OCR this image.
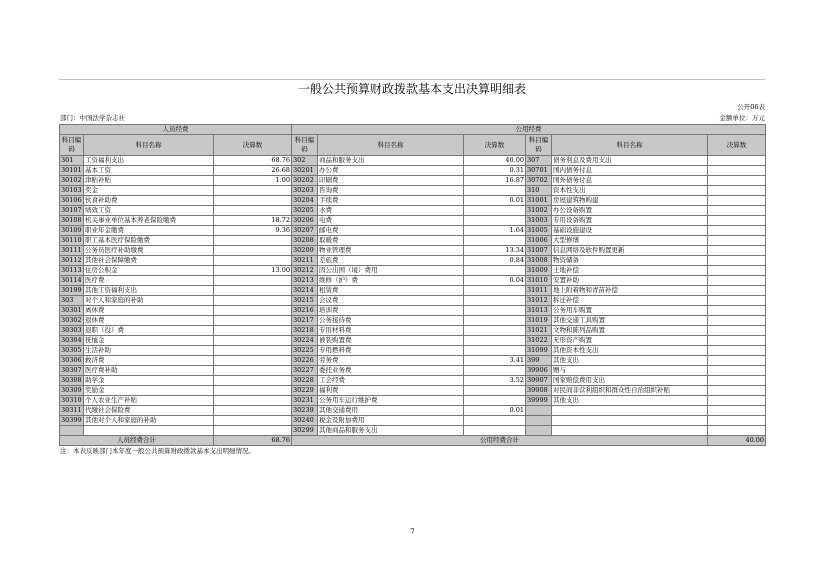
一般公共预算财政拨款基本支出决算明细表
公开06表
部门：中国法学杂志社	金额单位：万元
人员经费			公用经费					
科目编码	科目名称	决算数	科目编码	科目名称	决算数	科目编码	科目名称	决算数
301	工资福利支出	68.76	302	商品和服务支出	40.00	307	债务利息及费用支出	
30101	基本工资	26.68	30201	办公费	0.31	30701	国内债务付息	
30102	津贴补贴	1.00	30202	印刷费	16.87	30702	国外债务付息	
30103	奖金		30203	咨询费		310	资本性支出	
30106	伙食补助费		30204	手续费	0.01	31001	房屋建筑物购建	
30107	绩效工资		30205	水费		31002	办公设备购置	
30108	机关事业单位基本养老保险缴费	18.72	30206	电费		31003	专用设备购置	
30109	职业年金缴费	9.36	30207	邮电费	1.64	31005	基础设施建设	
30110	职工基本医疗保险缴费		30208	取暖费		31006	大型修缮	
30111	公务员医疗补助缴费		30209	物业管理费	13.34	31007	信息网络及软件购置更新	
30112	其他社会保障缴费		30211	差旅费	0.84	31008	物资储备	
30113	住房公积金	13.00	30212	因公出国（境）费用		31009	土地补偿	
30114	医疗费		30213	维修（护）费	0.04	31010	安置补助	
30199	其他工资福利支出		30214	租赁费		31011	地上附着物和青苗补偿	
303	对个人和家庭的补助		30215	会议费		31012	拆迁补偿	
30301	离休费		30216	培训费		31013	公务用车购置	
30302	退休费		30217	公务接待费		31019	其他交通工具购置	
30303	退职（役）费		30218	专用材料费		31021	文物和陈列品购置	
30304	抚恤金		30224	被装购置费		31022	无形资产购置	
30305	生活补助		30225	专用燃料费		31099	其他资本性支出	
30306	救济费		30226	劳务费	3.41	399	其他支出	
30307	医疗费补助		30227	委托业务费		39906	赠与	
30308	助学金		30228	工会经费	3.52	39907	国家赔偿费用支出	
30309	奖励金		30229	福利费		39908	对民间非营利组织和群众性自治组织补贴	
30310	个人农业生产补贴		30231	公务用车运行维护费		39999	其他支出	
30311	代缴社会保险费		30239	其他交通费用	0.01			
30399	其他对个人和家庭的补助		30240	税金及附加费用				
			30299	其他商品和服务支出				
人员经费合计		68.76	公用经费合计					40.00
注：本表反映部门本年度一般公共预算财政拨款基本支出明细情况。
7
